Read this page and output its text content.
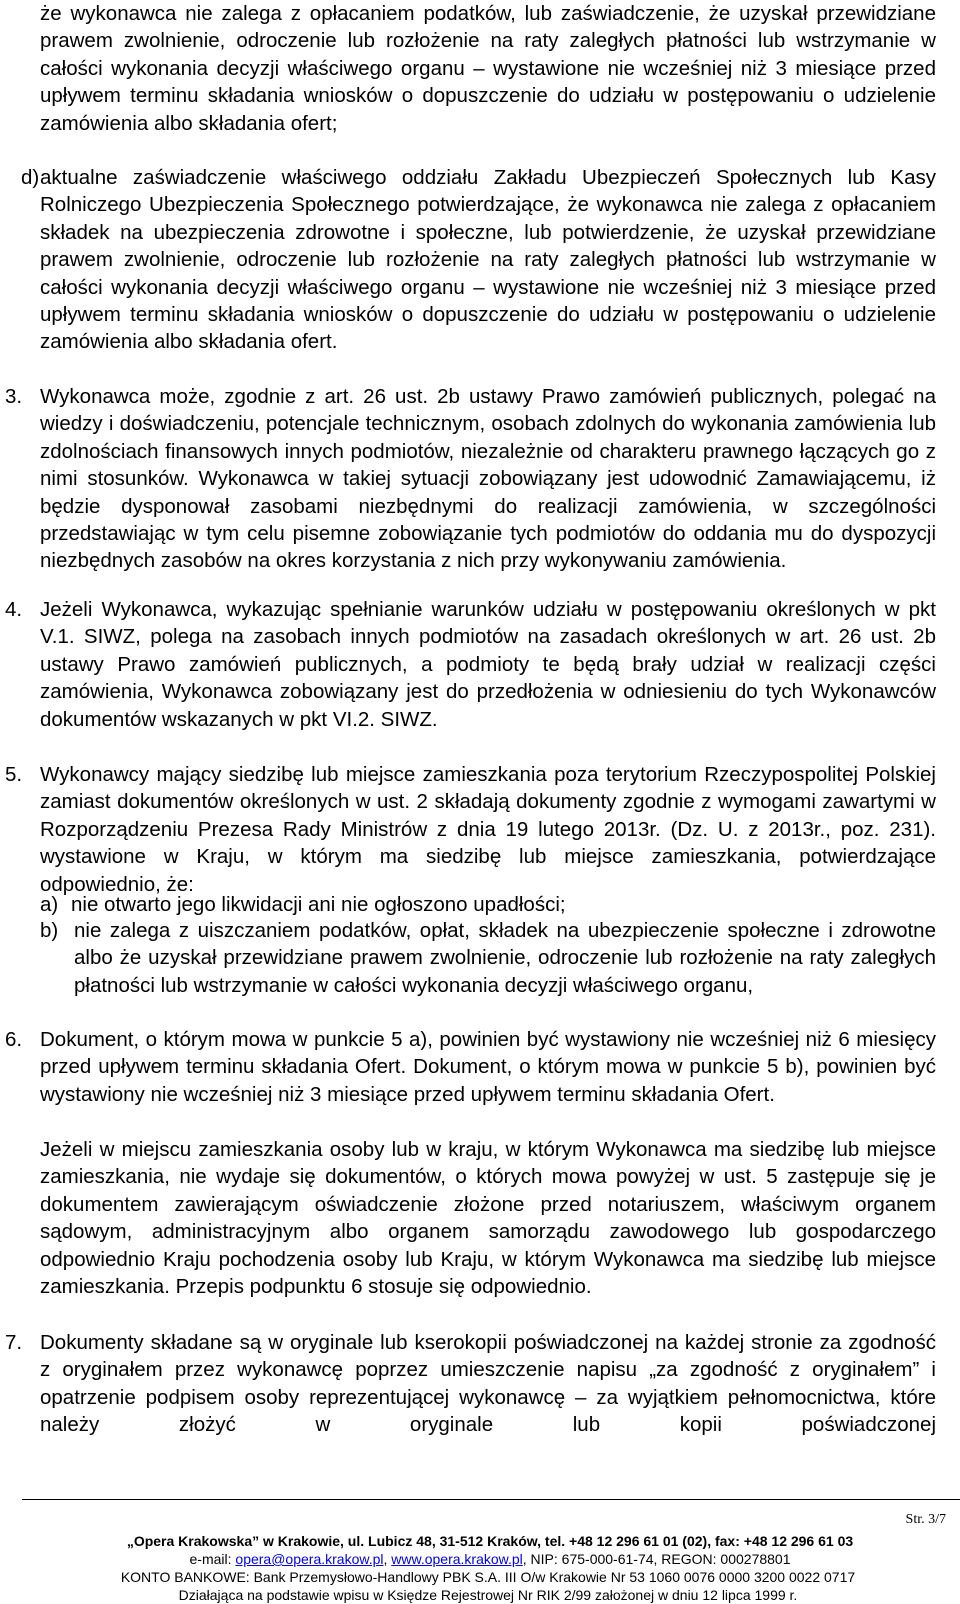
że wykonawca nie zalega z opłacaniem podatków, lub zaświadczenie, że uzyskał przewidziane prawem zwolnienie, odroczenie lub rozłożenie na raty zaległych płatności lub wstrzymanie w całości wykonania decyzji właściwego organu – wystawione nie wcześniej niż 3 miesiące przed upływem terminu składania wniosków o dopuszczenie do udziału w postępowaniu o udzielenie zamówienia albo składania ofert;
d) aktualne zaświadczenie właściwego oddziału Zakładu Ubezpieczeń Społecznych lub Kasy Rolniczego Ubezpieczenia Społecznego potwierdzające, że wykonawca nie zalega z opłacaniem składek na ubezpieczenia zdrowotne i społeczne, lub potwierdzenie, że uzyskał przewidziane prawem zwolnienie, odroczenie lub rozłożenie na raty zaległych płatności lub wstrzymanie w całości wykonania decyzji właściwego organu – wystawione nie wcześniej niż 3 miesiące przed upływem terminu składania wniosków o dopuszczenie do udziału w postępowaniu o udzielenie zamówienia albo składania ofert.
3. Wykonawca może, zgodnie z art. 26 ust. 2b ustawy Prawo zamówień publicznych, polegać na wiedzy i doświadczeniu, potencjale technicznym, osobach zdolnych do wykonania zamówienia lub zdolnościach finansowych innych podmiotów, niezależnie od charakteru prawnego łączących go z nimi stosunków. Wykonawca w takiej sytuacji zobowiązany jest udowodnić Zamawiającemu, iż będzie dysponował zasobami niezbędnymi do realizacji zamówienia, w szczególności przedstawiając w tym celu pisemne zobowiązanie tych podmiotów do oddania mu do dyspozycji niezbędnych zasobów na okres korzystania z nich przy wykonywaniu zamówienia.
4. Jeżeli Wykonawca, wykazując spełnianie warunków udziału w postępowaniu określonych w pkt V.1. SIWZ, polega na zasobach innych podmiotów na zasadach określonych w art. 26 ust. 2b ustawy Prawo zamówień publicznych, a podmioty te będą brały udział w realizacji części zamówienia, Wykonawca zobowiązany jest do przedłożenia w odniesieniu do tych Wykonawców dokumentów wskazanych w pkt VI.2. SIWZ.
5. Wykonawcy mający siedzibę lub miejsce zamieszkania poza terytorium Rzeczypospolitej Polskiej zamiast dokumentów określonych w ust. 2 składają dokumenty zgodnie z wymogami zawartymi w Rozporządzeniu Prezesa Rady Ministrów z dnia 19 lutego 2013r. (Dz. U. z 2013r., poz. 231). wystawione w Kraju, w którym ma siedzibę lub miejsce zamieszkania, potwierdzające odpowiednio, że:
a) nie otwarto jego likwidacji ani nie ogłoszono upadłości;
b) nie zalega z uiszczaniem podatków, opłat, składek na ubezpieczenie społeczne i zdrowotne albo że uzyskał przewidziane prawem zwolnienie, odroczenie lub rozłożenie na raty zaległych płatności lub wstrzymanie w całości wykonania decyzji właściwego organu,
6. Dokument, o którym mowa w punkcie 5 a), powinien być wystawiony nie wcześniej niż 6 miesięcy przed upływem terminu składania Ofert. Dokument, o którym mowa w punkcie 5 b), powinien być wystawiony nie wcześniej niż 3 miesiące przed upływem terminu składania Ofert.
Jeżeli w miejscu zamieszkania osoby lub w kraju, w którym Wykonawca ma siedzibę lub miejsce zamieszkania, nie wydaje się dokumentów, o których mowa powyżej w ust. 5 zastępuje się je dokumentem zawierającym oświadczenie złożone przed notariuszem, właściwym organem sądowym, administracyjnym albo organem samorządu zawodowego lub gospodarczego odpowiednio Kraju pochodzenia osoby lub Kraju, w którym Wykonawca ma siedzibę lub miejsce zamieszkania. Przepis podpunktu 6 stosuje się odpowiednio.
7. Dokumenty składane są w oryginale lub kserokopii poświadczonej na każdej stronie za zgodność z oryginałem przez wykonawcę poprzez umieszczenie napisu „za zgodność z oryginałem” i opatrzenie podpisem osoby reprezentującej wykonawcę – za wyjątkiem pełnomocnictwa, które należy złożyć w oryginale lub kopii poświadczonej
Str. 3/7
„Opera Krakowska” w Krakowie, ul. Lubicz 48, 31-512 Kraków, tel. +48 12 296 61 01 (02), fax: +48 12 296 61 03
e-mail: opera@opera.krakow.pl, www.opera.krakow.pl, NIP: 675-000-61-74, REGON: 000278801
KONTO BANKOWE: Bank Przemysłowo-Handlowy PBK S.A. III O/w Krakowie Nr 53 1060 0076 0000 3200 0022 0717
Działająca na podstawie wpisu w Księdze Rejestrowej Nr RIK 2/99 założonej w dniu 12 lipca 1999 r.
